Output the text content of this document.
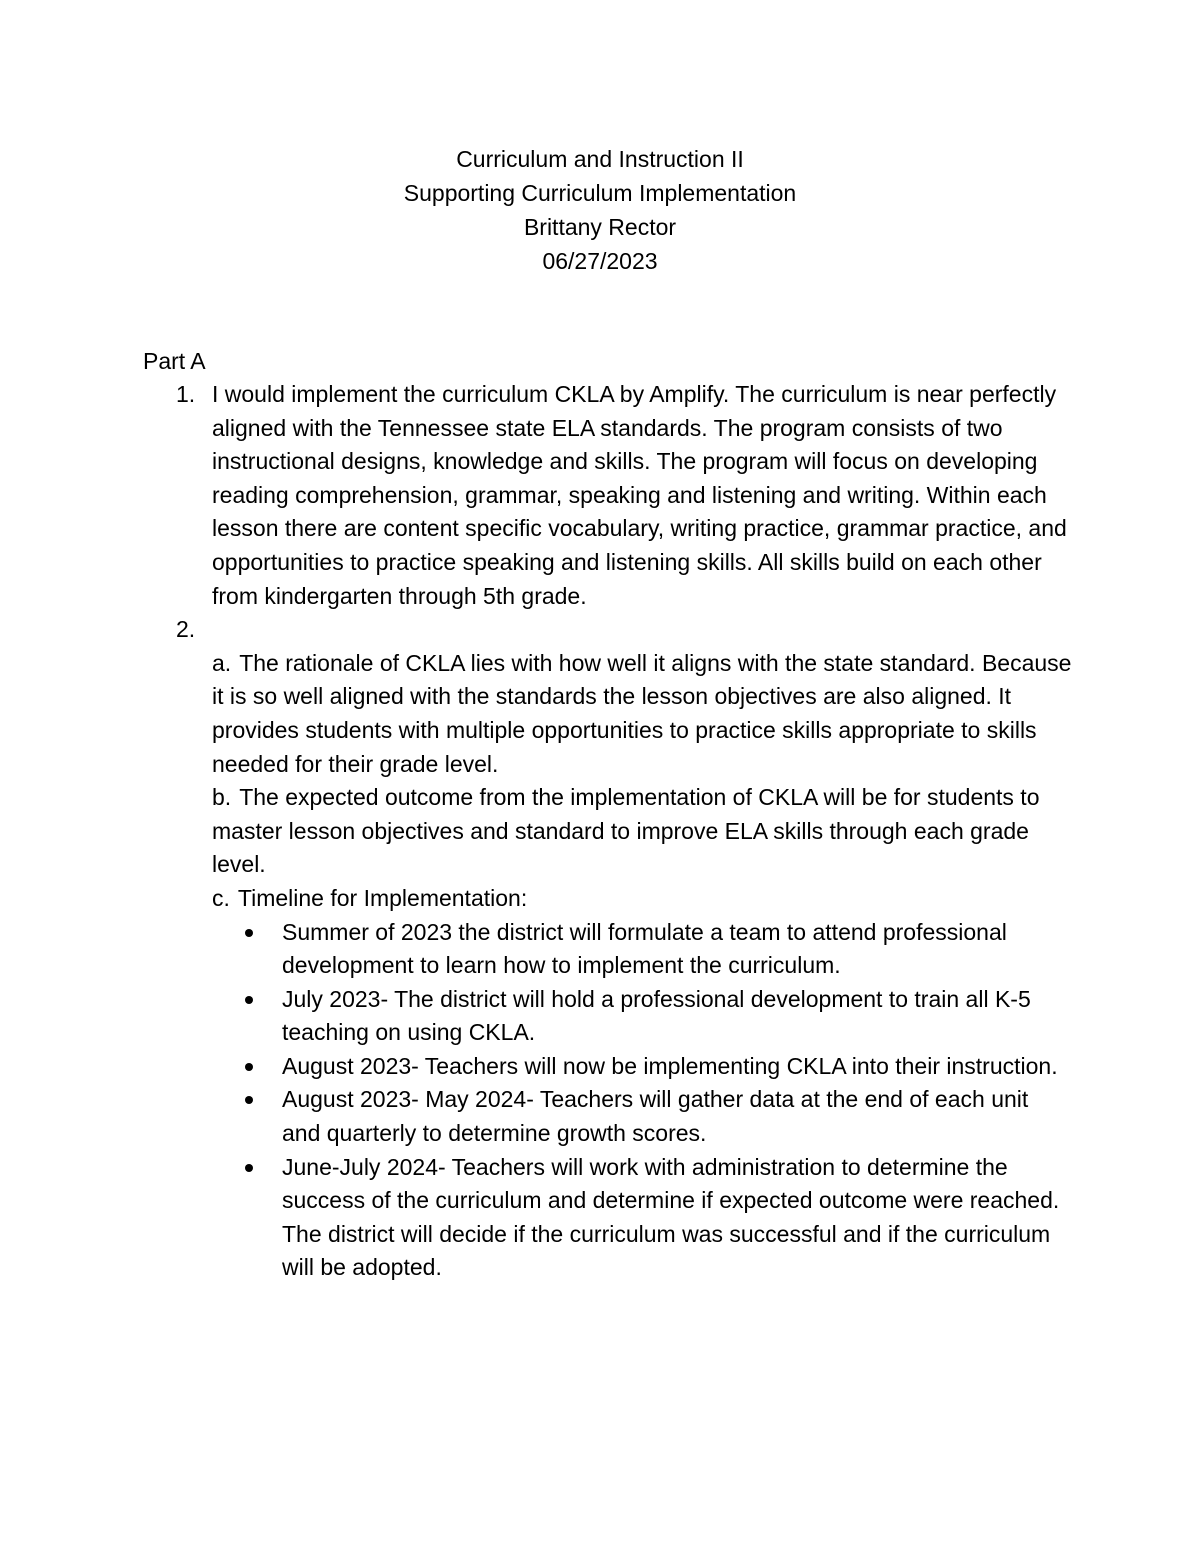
Curriculum and Instruction II
Supporting Curriculum Implementation
Brittany Rector
06/27/2023
Part A
1. I would implement the curriculum CKLA by Amplify. The curriculum is near perfectly aligned with the Tennessee state ELA standards. The program consists of two instructional designs, knowledge and skills. The program will focus on developing reading comprehension, grammar, speaking and listening and writing. Within each lesson there are content specific vocabulary, writing practice, grammar practice, and opportunities to practice speaking and listening skills. All skills build on each other from kindergarten through 5th grade.
2.

a. The rationale of CKLA lies with how well it aligns with the state standard. Because it is so well aligned with the standards the lesson objectives are also aligned. It provides students with multiple opportunities to practice skills appropriate to skills needed for their grade level.
b. The expected outcome from the implementation of CKLA will be for students to master lesson objectives and standard to improve ELA skills through each grade level.
c. Timeline for Implementation:
Summer of 2023 the district will formulate a team to attend professional development to learn how to implement the curriculum.
July 2023- The district will hold a professional development to train all K-5 teaching on using CKLA.
August 2023- Teachers will now be implementing CKLA into their instruction.
August 2023- May 2024- Teachers will gather data at the end of each unit and quarterly to determine growth scores.
June-July 2024- Teachers will work with administration to determine the success of the curriculum and determine if expected outcome were reached. The district will decide if the curriculum was successful and if the curriculum will be adopted.
